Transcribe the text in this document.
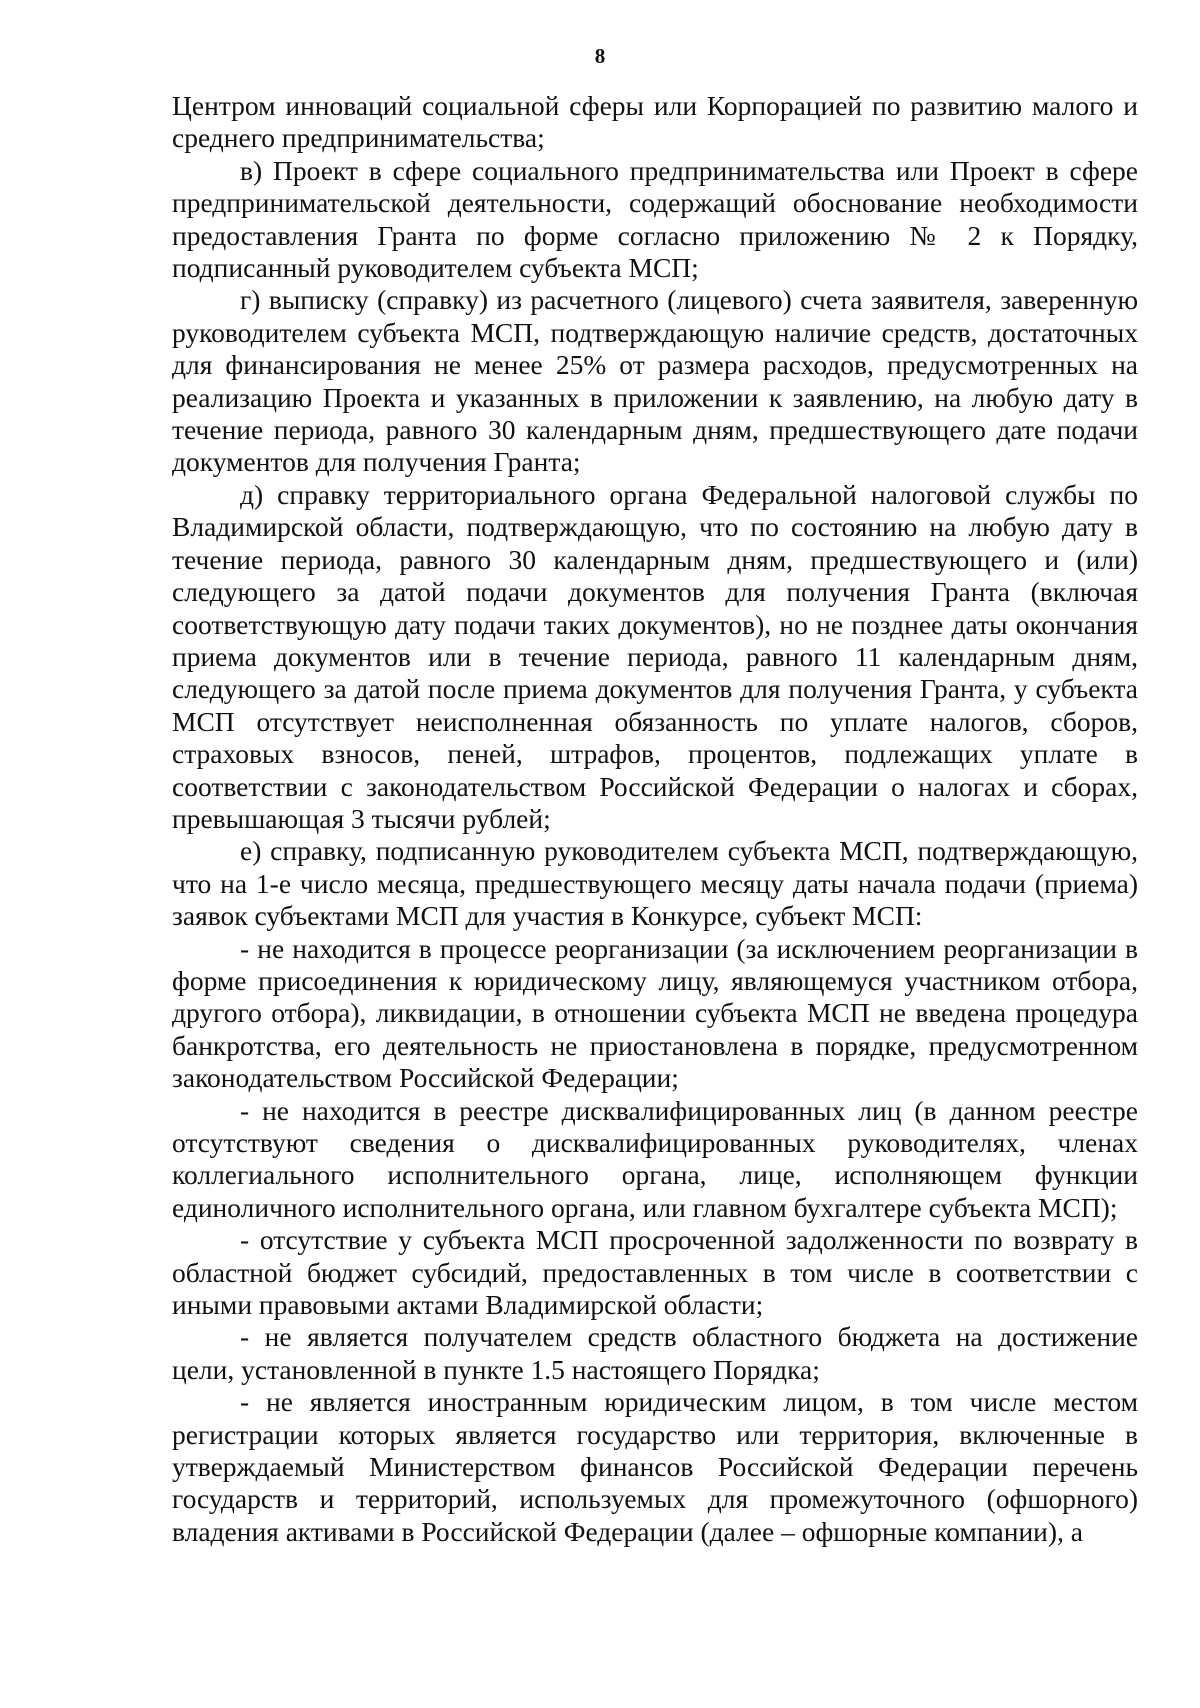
8

Центром инноваций социальной сферы или Корпорацией по развитию малого и среднего предпринимательства;

в) Проект в сфере социального предпринимательства или Проект в сфере предпринимательской деятельности, содержащий обоснование необходимости предоставления Гранта по форме согласно приложению № 2 к Порядку, подписанный руководителем субъекта МСП;

г) выписку (справку) из расчетного (лицевого) счета заявителя, заверенную руководителем субъекта МСП, подтверждающую наличие средств, достаточных для финансирования не менее 25% от размера расходов, предусмотренных на реализацию Проекта и указанных в приложении к заявлению, на любую дату в течение периода, равного 30 календарным дням, предшествующего дате подачи документов для получения Гранта;

д) справку территориального органа Федеральной налоговой службы по Владимирской области, подтверждающую, что по состоянию на любую дату в течение периода, равного 30 календарным дням, предшествующего и (или) следующего за датой подачи документов для получения Гранта (включая соответствующую дату подачи таких документов), но не позднее даты окончания приема документов или в течение периода, равного 11 календарным дням, следующего за датой после приема документов для получения Гранта, у субъекта МСП отсутствует неисполненная обязанность по уплате налогов, сборов, страховых взносов, пеней, штрафов, процентов, подлежащих уплате в соответствии с законодательством Российской Федерации о налогах и сборах, превышающая 3 тысячи рублей;

е) справку, подписанную руководителем субъекта МСП, подтверждающую, что на 1-е число месяца, предшествующего месяцу даты начала подачи (приема) заявок субъектами МСП для участия в Конкурсе, субъект МСП:

- не находится в процессе реорганизации (за исключением реорганизации в форме присоединения к юридическому лицу, являющемуся участником отбора, другого отбора), ликвидации, в отношении субъекта МСП не введена процедура банкротства, его деятельность не приостановлена в порядке, предусмотренном законодательством Российской Федерации;

- не находится в реестре дисквалифицированных лиц (в данном реестре отсутствуют сведения о дисквалифицированных руководителях, членах коллегиального исполнительного органа, лице, исполняющем функции единоличного исполнительного органа, или главном бухгалтере субъекта МСП);

- отсутствие у субъекта МСП просроченной задолженности по возврату в областной бюджет субсидий, предоставленных в том числе в соответствии с иными правовыми актами Владимирской области;

- не является получателем средств областного бюджета на достижение цели, установленной в пункте 1.5 настоящего Порядка;

- не является иностранным юридическим лицом, в том числе местом регистрации которых является государство или территория, включенные в утверждаемый Министерством финансов Российской Федерации перечень государств и территорий, используемых для промежуточного (офшорного) владения активами в Российской Федерации (далее – офшорные компании), а
